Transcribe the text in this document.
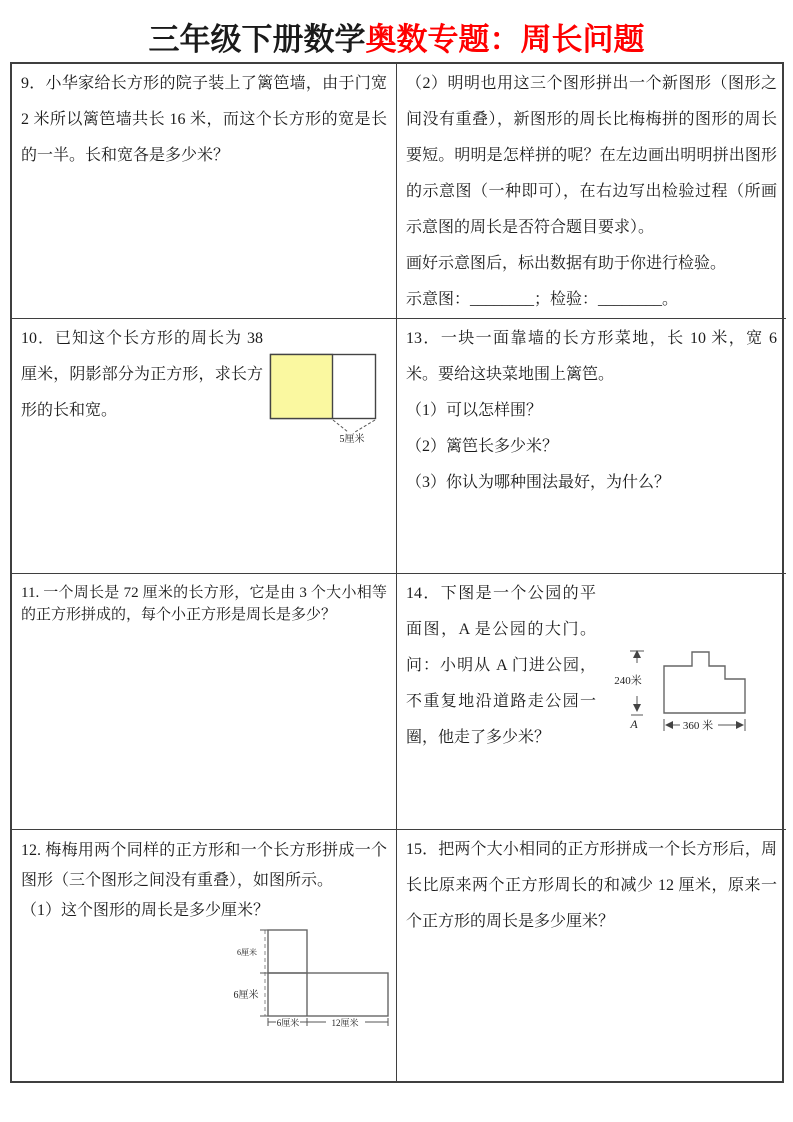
三年级下册数学奥数专题：周长问题
9．小华家给长方形的院子装上了篱笆墙，由于门宽 2 米所以篱笆墙共长 16 米，而这个长方形的宽是长的一半。长和宽各是多少米？
（2）明明也用这三个图形拼出一个新图形（图形之间没有重叠），新图形的周长比梅梅拼的图形的周长要短。明明是怎样拼的呢？在左边画出明明拼出图形的示意图（一种即可），在右边写出检验过程（所画示意图的周长是否符合题目要求）。
画好示意图后，标出数据有助于你进行检验。
示意图：________；检验：________。
5厘米
10．已知这个长方形的周长为 38 厘米，阴影部分为正方形，求长方形的长和宽。
13．一块一面靠墙的长方形菜地，长 10 米，宽 6 米。要给这块菜地围上篱笆。
（1）可以怎样围？
（2）篱笆长多少米？
（3）你认为哪种围法最好，为什么？
11. 一个周长是 72 厘米的长方形，它是由 3 个大小相等的正方形拼成的，每个小正方形是周长是多少？
240米
A	360 米
14．下图是一个公园的平面图，A 是公园的大门。问：小明从 A 门进公园，不重复地沿道路走公园一圈，他走了多少米？
12. 梅梅用两个同样的正方形和一个长方形拼成一个图形（三个图形之间没有重叠），如图所示。
（1）这个图形的周长是多少厘米？
6厘米
6厘米
6厘米	12厘米
15．把两个大小相同的正方形拼成一个长方形后，周长比原来两个正方形周长的和减少 12 厘米，原来一个正方形的周长是多少厘米？
